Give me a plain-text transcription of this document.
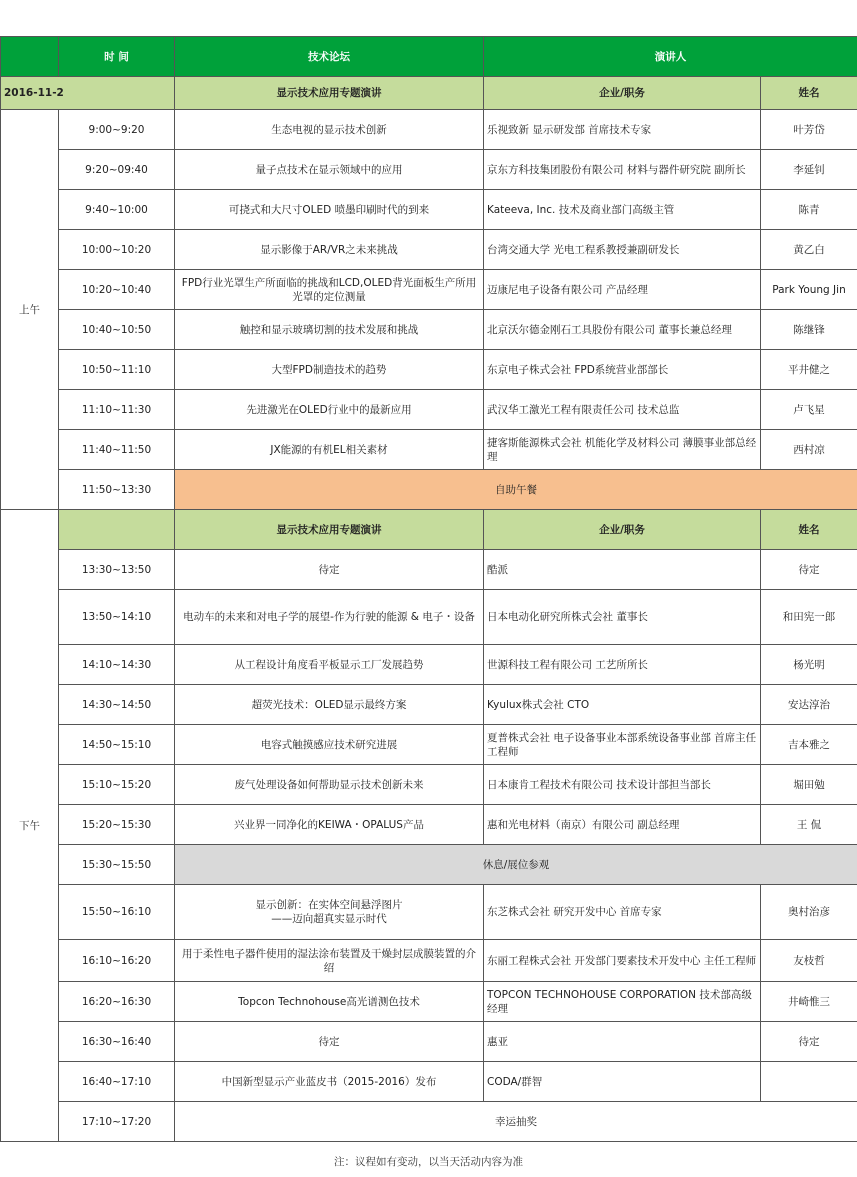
	时 间	技术论坛	演讲人	
2016-11-2		显示技术应用专题演讲	企业/职务	姓名
上午	9:00~9:20	生态电视的显示技术创新	乐视致新 显示研发部 首席技术专家	叶芳岱
	9:20~09:40	量子点技术在显示领域中的应用	京东方科技集团股份有限公司 材料与器件研究院 副所长	李延钊
	9:40~10:00	可挠式和大尺寸OLED 喷墨印刷时代的到来	Kateeva, Inc. 技术及商业部门高级主管	陈青
	10:00~10:20	显示影像于AR/VR之未来挑战	台湾交通大学 光电工程系教授兼副研发长	黄乙白
	10:20~10:40	FPD行业光罩生产所面临的挑战和LCD,OLED背光面板生产所用光罩的定位测量	迈康尼电子设备有限公司 产品经理	Park Young Jin
	10:40~10:50	触控和显示玻璃切割的技术发展和挑战	北京沃尔德金刚石工具股份有限公司 董事长兼总经理	陈继锋
	10:50~11:10	大型FPD制造技术的趋势	东京电子株式会社 FPD系统营业部部长	平井健之
	11:10~11:30	先进激光在OLED行业中的最新应用	武汉华工激光工程有限责任公司 技术总监	卢飞星
	11:40~11:50	JX能源的有机EL相关素材	捷客斯能源株式会社 机能化学及材料公司 薄膜事业部总经理	西村凉
	11:50~13:30	自助午餐		
下午		显示技术应用专题演讲	企业/职务	姓名
	13:30~13:50	待定	酷派	待定
	13:50~14:10	电动车的未来和对电子学的展望-作为行驶的能源 & 电子・设备	日本电动化研究所株式会社 董事长	和田宪一郎
	14:10~14:30	从工程设计角度看平板显示工厂发展趋势	世源科技工程有限公司 工艺所所长	杨光明
	14:30~14:50	超荧光技术：OLED显示最终方案	Kyulux株式会社 CTO	安达淳治
	14:50~15:10	电容式触摸感应技术研究进展	夏普株式会社 电子设备事业本部系统设备事业部 首席主任工程师	吉本雅之
	15:10~15:20	废气处理设备如何帮助显示技术创新未来	日本康肯工程技术有限公司 技术设计部担当部长	堀田勉
	15:20~15:30	兴业界一同净化的KEIWA・OPALUS产品	惠和光电材料（南京）有限公司 副总经理	王 侃
	15:30~15:50	休息/展位参观		
	15:50~16:10	显示创新：在实体空间悬浮图片
——迈向超真实显示时代	东芝株式会社 研究开发中心 首席专家	奥村治彦
	16:10~16:20	用于柔性电子器件使用的湿法涂布装置及干燥封层成膜装置的介绍	东丽工程株式会社 开发部门要素技术开发中心 主任工程师	友枝哲
	16:20~16:30	Topcon Technohouse高光谱测色技术	TOPCON TECHNOHOUSE CORPORATION 技术部高级经理	井崎惟三
	16:30~16:40	待定	惠亚	待定
	16:40~17:10	中国新型显示产业蓝皮书（2015-2016）发布	CODA/群智	
	17:10~17:20	幸运抽奖		
注：议程如有变动，以当天活动内容为准
